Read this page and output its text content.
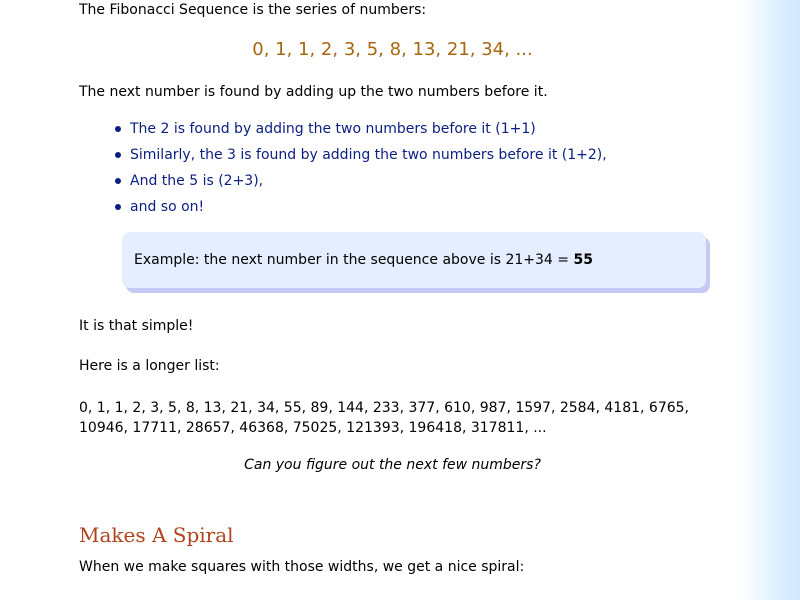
The Fibonacci Sequence is the series of numbers:
0, 1, 1, 2, 3, 5, 8, 13, 21, 34, ...
The next number is found by adding up the two numbers before it.
The 2 is found by adding the two numbers before it (1+1)
Similarly, the 3 is found by adding the two numbers before it (1+2),
And the 5 is (2+3),
and so on!
Example: the next number in the sequence above is 21+34 = 55
It is that simple!
Here is a longer list:
0, 1, 1, 2, 3, 5, 8, 13, 21, 34, 55, 89, 144, 233, 377, 610, 987, 1597, 2584, 4181, 6765, 10946, 17711, 28657, 46368, 75025, 121393, 196418, 317811, ...
Can you figure out the next few numbers?
Makes A Spiral
When we make squares with those widths, we get a nice spiral:
